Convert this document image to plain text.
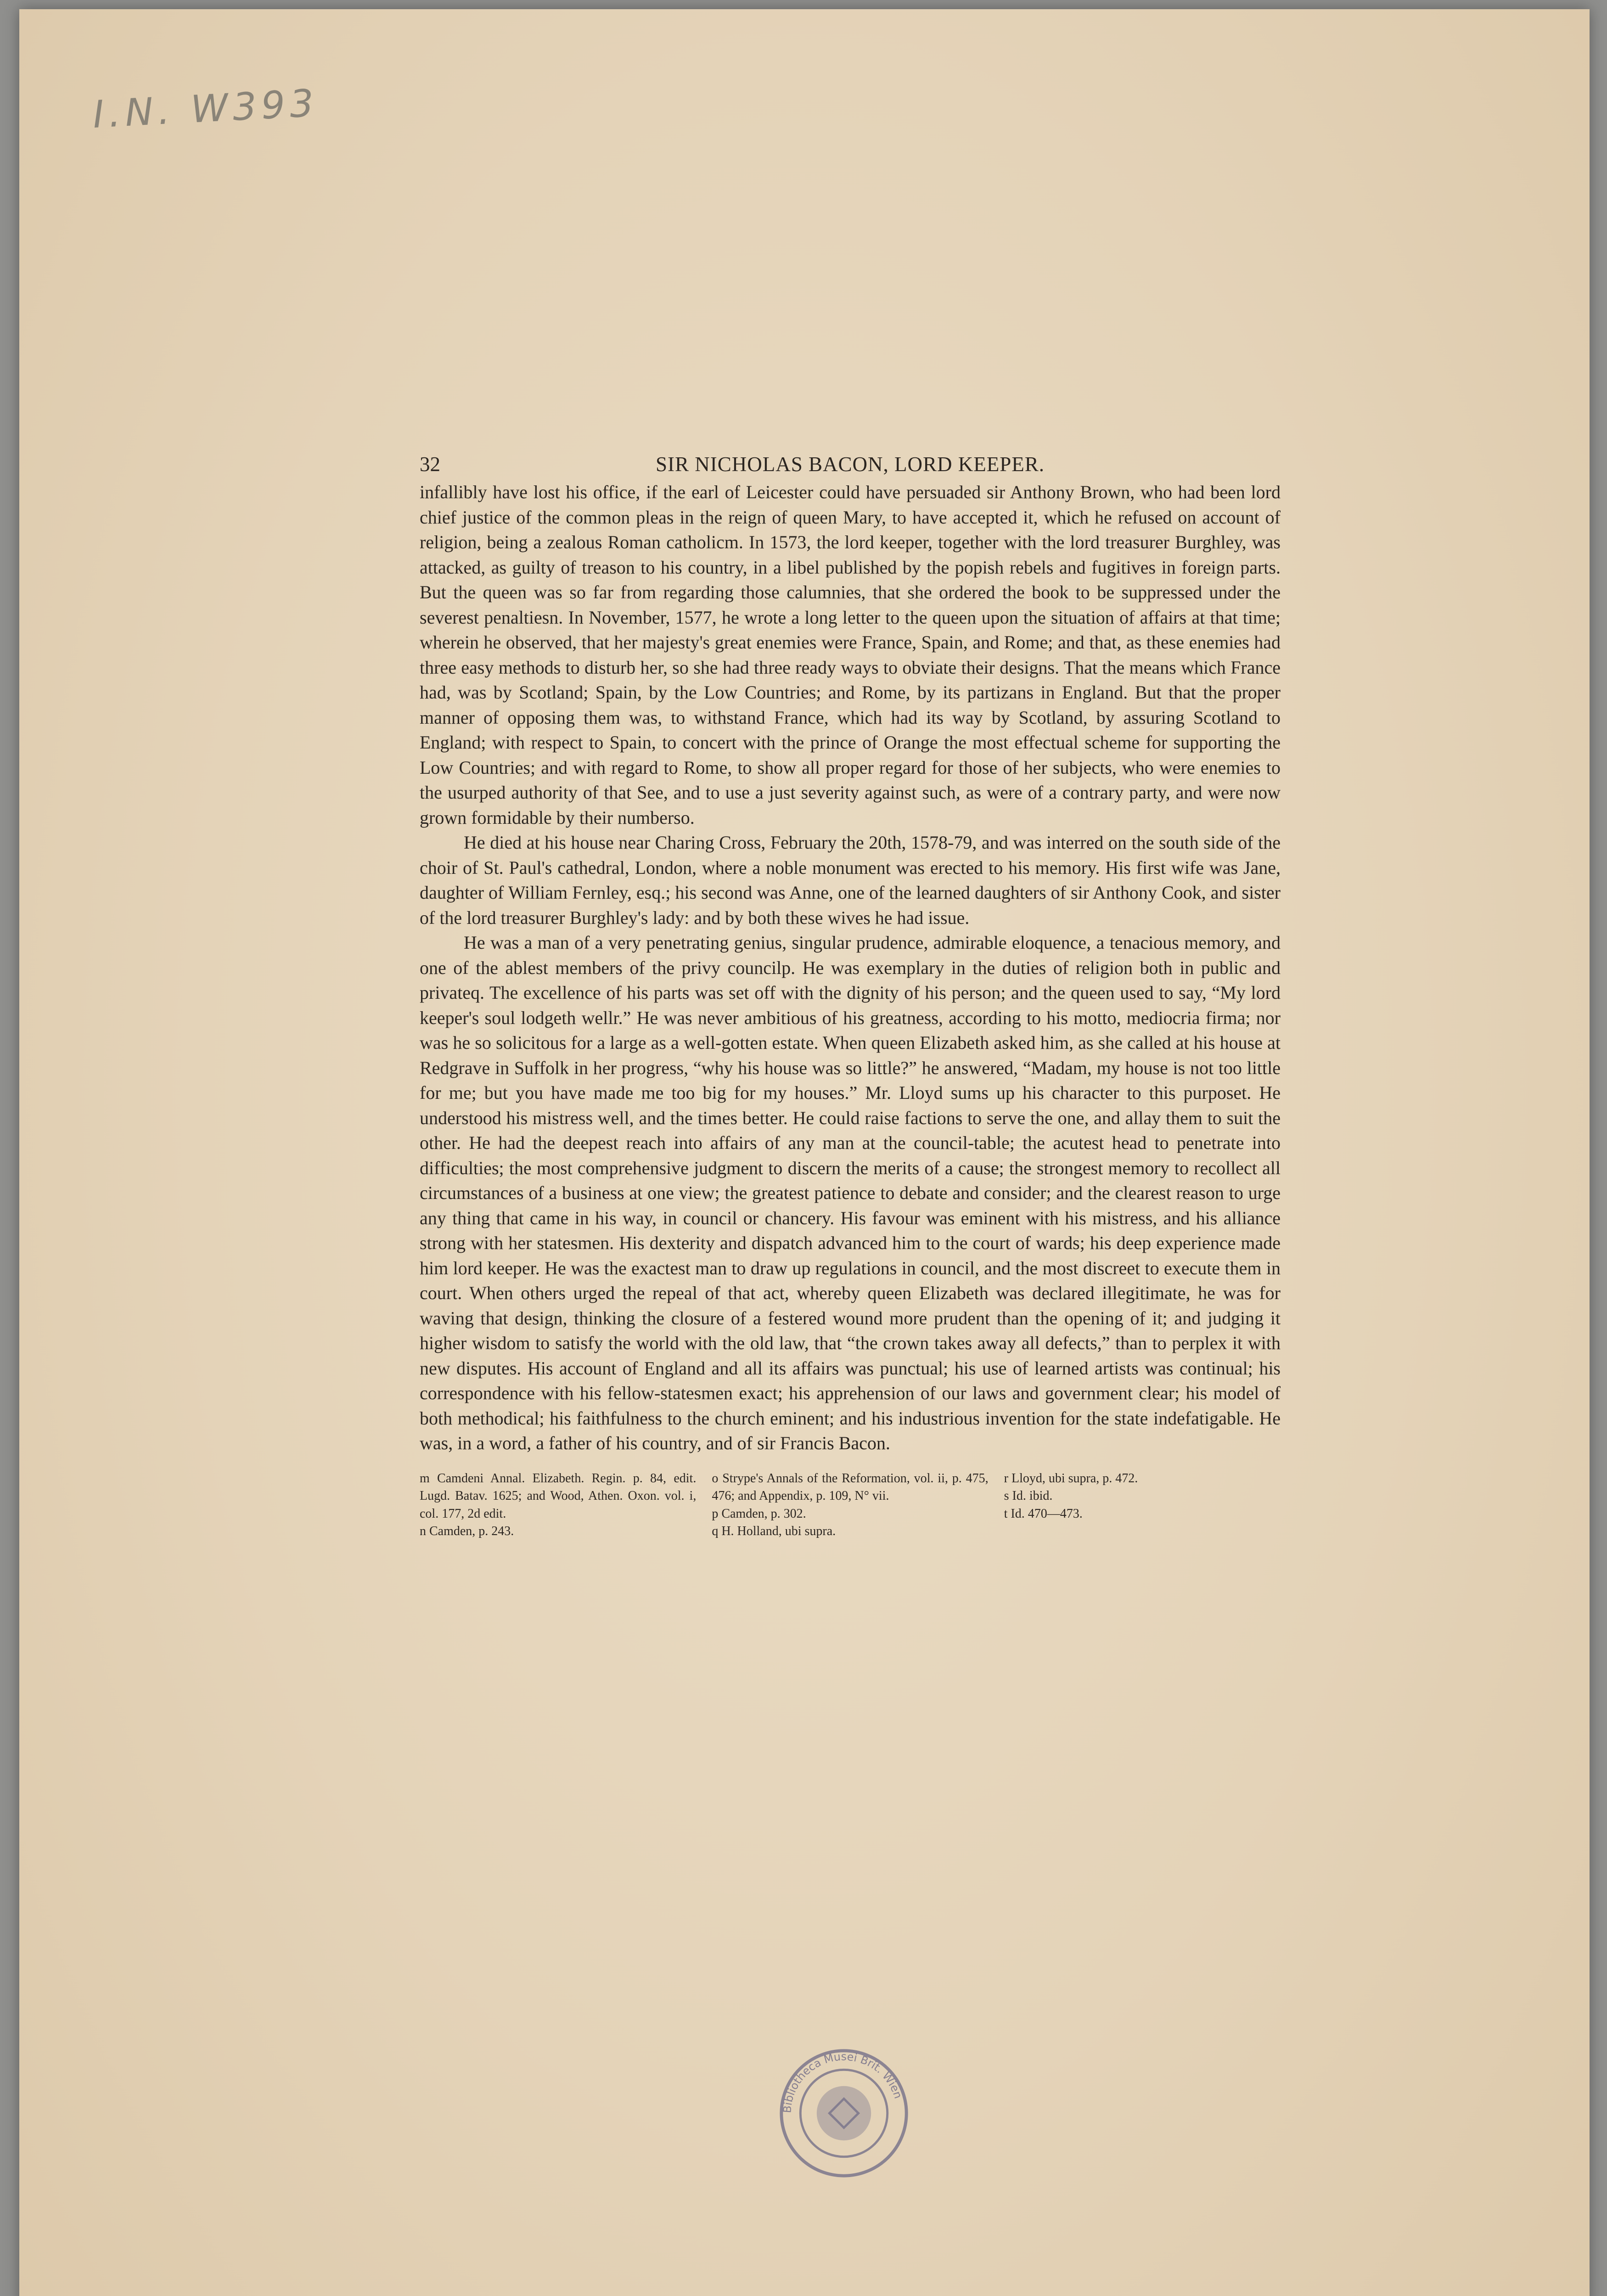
I.N. W393
32	SIR NICHOLAS BACON, LORD KEEPER.

infallibly have lost his office, if the earl of Leicester could have persuaded sir Anthony Brown, who had been lord chief justice of the common pleas in the reign of queen Mary, to have accepted it, which he refused on account of religion, being a zealous Roman catholicm. In 1573, the lord keeper, together with the lord treasurer Burghley, was attacked, as guilty of treason to his country, in a libel published by the popish rebels and fugitives in foreign parts. But the queen was so far from regarding those calumnies, that she ordered the book to be suppressed under the severest penaltiesn. In November, 1577, he wrote a long letter to the queen upon the situation of affairs at that time; wherein he observed, that her majesty's great enemies were France, Spain, and Rome; and that, as these enemies had three easy methods to disturb her, so she had three ready ways to obviate their designs. That the means which France had, was by Scotland; Spain, by the Low Countries; and Rome, by its partizans in England. But that the proper manner of opposing them was, to withstand France, which had its way by Scotland, by assuring Scotland to England; with respect to Spain, to concert with the prince of Orange the most effectual scheme for supporting the Low Countries; and with regard to Rome, to show all proper regard for those of her subjects, who were enemies to the usurped authority of that See, and to use a just severity against such, as were of a contrary party, and were now grown formidable by their numberso.

He died at his house near Charing Cross, February the 20th, 1578-79, and was interred on the south side of the choir of St. Paul's cathedral, London, where a noble monument was erected to his memory. His first wife was Jane, daughter of William Fernley, esq.; his second was Anne, one of the learned daughters of sir Anthony Cook, and sister of the lord treasurer Burghley's lady: and by both these wives he had issue.

He was a man of a very penetrating genius, singular prudence, admirable eloquence, a tenacious memory, and one of the ablest members of the privy councilp. He was exemplary in the duties of religion both in public and privateq. The excellence of his parts was set off with the dignity of his person; and the queen used to say, “My lord keeper's soul lodgeth wellr.” He was never ambitious of his greatness, according to his motto, mediocria firma; nor was he so solicitous for a large as a well-gotten estate. When queen Elizabeth asked him, as she called at his house at Redgrave in Suffolk in her progress, “why his house was so little?” he answered, “Madam, my house is not too little for me; but you have made me too big for my houses.” Mr. Lloyd sums up his character to this purposet. He understood his mistress well, and the times better. He could raise factions to serve the one, and allay them to suit the other. He had the deepest reach into affairs of any man at the council-table; the acutest head to penetrate into difficulties; the most comprehensive judgment to discern the merits of a cause; the strongest memory to recollect all circumstances of a business at one view; the greatest patience to debate and consider; and the clearest reason to urge any thing that came in his way, in council or chancery. His favour was eminent with his mistress, and his alliance strong with her statesmen. His dexterity and dispatch advanced him to the court of wards; his deep experience made him lord keeper. He was the exactest man to draw up regulations in council, and the most discreet to execute them in court. When others urged the repeal of that act, whereby queen Elizabeth was declared illegitimate, he was for waving that design, thinking the closure of a festered wound more prudent than the opening of it; and judging it higher wisdom to satisfy the world with the old law, that “the crown takes away all defects,” than to perplex it with new disputes. His account of England and all its affairs was punctual; his use of learned artists was continual; his correspondence with his fellow-statesmen exact; his apprehension of our laws and government clear; his model of both methodical; his faithfulness to the church eminent; and his industrious invention for the state indefatigable. He was, in a word, a father of his country, and of sir Francis Bacon.

m Camdeni Annal. Elizabeth. Regin. p. 84, edit. Lugd. Batav. 1625; and Wood, Athen. Oxon. vol. i, col. 177, 2d edit.
n Camden, p. 243.
o Strype's Annals of the Reformation, vol. ii, p. 475, 476; and Appendix, p. 109, N° vii.
p Camden, p. 302.
q H. Holland, ubi supra.
r Lloyd, ubi supra, p. 472.
s Id. ibid.
t Id. 470—473.
Bibliotheca Musei Brit. Wien
